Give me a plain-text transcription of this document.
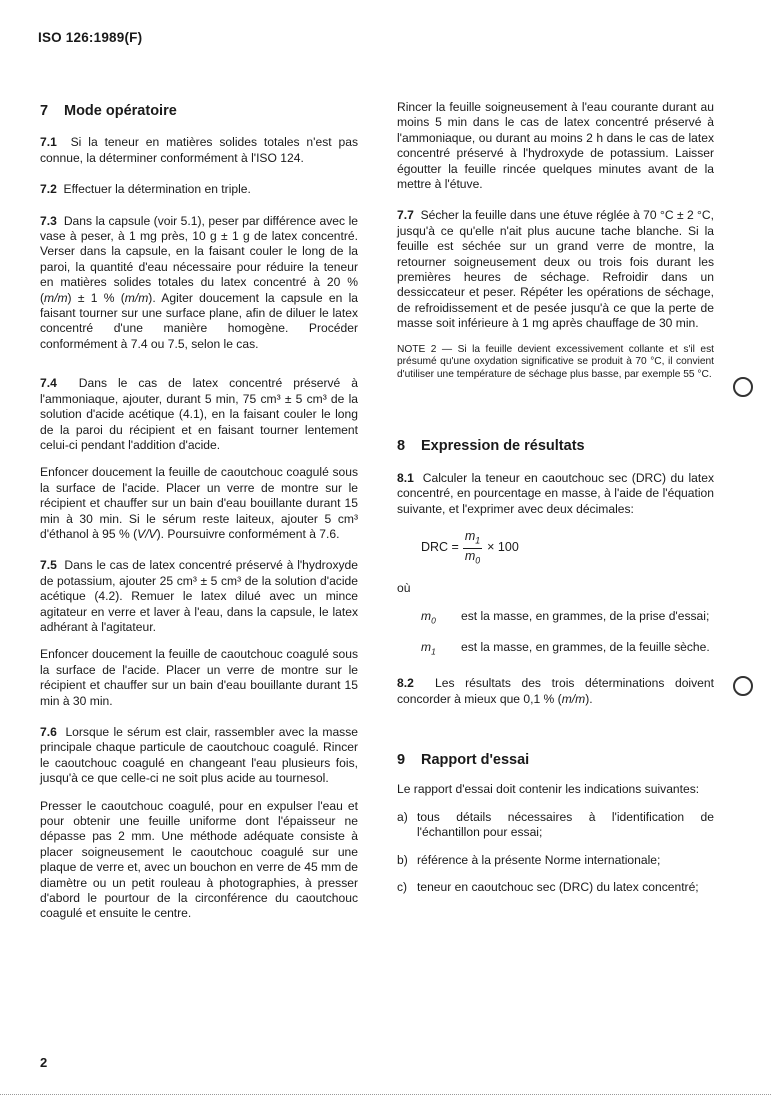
ISO 126:1989(F)
7 Mode opératoire

7.1 Si la teneur en matières solides totales n'est pas connue, la déterminer conformément à l'ISO 124.

7.2 Effectuer la détermination en triple.

7.3 Dans la capsule (voir 5.1), peser par différence avec le vase à peser, à 1 mg près, 10 g ± 1 g de latex concentré. Verser dans la capsule, en la faisant couler le long de la paroi, la quantité d'eau nécessaire pour réduire la teneur en matières solides totales du latex concentré à 20 % (m/m) ± 1 % (m/m). Agiter doucement la capsule en la faisant tourner sur une surface plane, afin de diluer le latex concentré d'une manière homogène. Procéder conformément à 7.4 ou 7.5, selon le cas.

7.4 Dans le cas de latex concentré préservé à l'ammoniaque, ajouter, durant 5 min, 75 cm³ ± 5 cm³ de la solution d'acide acétique (4.1), en la faisant couler le long de la paroi du récipient et en faisant tourner lentement celui-ci pendant l'addition d'acide.

Enfoncer doucement la feuille de caoutchouc coagulé sous la surface de l'acide. Placer un verre de montre sur le récipient et chauffer sur un bain d'eau bouillante durant 15 min à 30 min. Si le sérum reste laiteux, ajouter 5 cm³ d'éthanol à 95 % (V/V). Poursuivre conformément à 7.6.

7.5 Dans le cas de latex concentré préservé à l'hydroxyde de potassium, ajouter 25 cm³ ± 5 cm³ de la solution d'acide acétique (4.2). Remuer le latex dilué avec un mince agitateur en verre et laver à l'eau, dans la capsule, le latex adhérant à l'agitateur.

Enfoncer doucement la feuille de caoutchouc coagulé sous la surface de l'acide. Placer un verre de montre sur le récipient et chauffer sur un bain d'eau bouillante durant 15 min à 30 min.

7.6 Lorsque le sérum est clair, rassembler avec la masse principale chaque particule de caoutchouc coagulé. Rincer le caoutchouc coagulé en changeant l'eau plusieurs fois, jusqu'à ce que celle-ci ne soit plus acide au tournesol.

Presser le caoutchouc coagulé, pour en expulser l'eau et pour obtenir une feuille uniforme dont l'épaisseur ne dépasse pas 2 mm. Une méthode adéquate consiste à placer soigneusement le caoutchouc coagulé sur une plaque de verre et, avec un bouchon en verre de 45 mm de diamètre ou un petit rouleau à photographies, à presser d'abord le pourtour de la circonférence du caoutchouc coagulé et ensuite le centre.

Rincer la feuille soigneusement à l'eau courante durant au moins 5 min dans le cas de latex concentré préservé à l'ammoniaque, ou durant au moins 2 h dans le cas de latex concentré préservé à l'hydroxyde de potassium. Laisser égoutter la feuille rincée quelques minutes avant de la mettre à l'étuve.

7.7 Sécher la feuille dans une étuve réglée à 70 °C ± 2 °C, jusqu'à ce qu'elle n'ait plus aucune tache blanche. Si la feuille est séchée sur un grand verre de montre, la retourner soigneusement deux ou trois fois durant les premières heures de séchage. Refroidir dans un dessiccateur et peser. Répéter les opérations de séchage, de refroidissement et de pesée jusqu'à ce que la perte de masse soit inférieure à 1 mg après chauffage de 30 min.

NOTE 2 — Si la feuille devient excessivement collante et s'il est présumé qu'une oxydation significative se produit à 70 °C, il convient d'utiliser une température de séchage plus basse, par exemple 55 °C.

8 Expression de résultats

8.1 Calculer la teneur en caoutchouc sec (DRC) du latex concentré, en pourcentage en masse, à l'aide de l'équation suivante, et l'exprimer avec deux décimales:

DRC = $\frac{m_1}{m_0} \times 100$

où

$m_0$	est la masse, en grammes, de la prise d'essai;
$m_1$	est la masse, en grammes, de la feuille sèche.

8.2 Les résultats des trois déterminations doivent concorder à mieux que 0,1 % (m/m).

9 Rapport d'essai

Le rapport d'essai doit contenir les indications suivantes:

a) tous détails nécessaires à l'identification de l'échantillon pour essai;
b) référence à la présente Norme internationale;
c) teneur en caoutchouc sec (DRC) du latex concentré;
2
